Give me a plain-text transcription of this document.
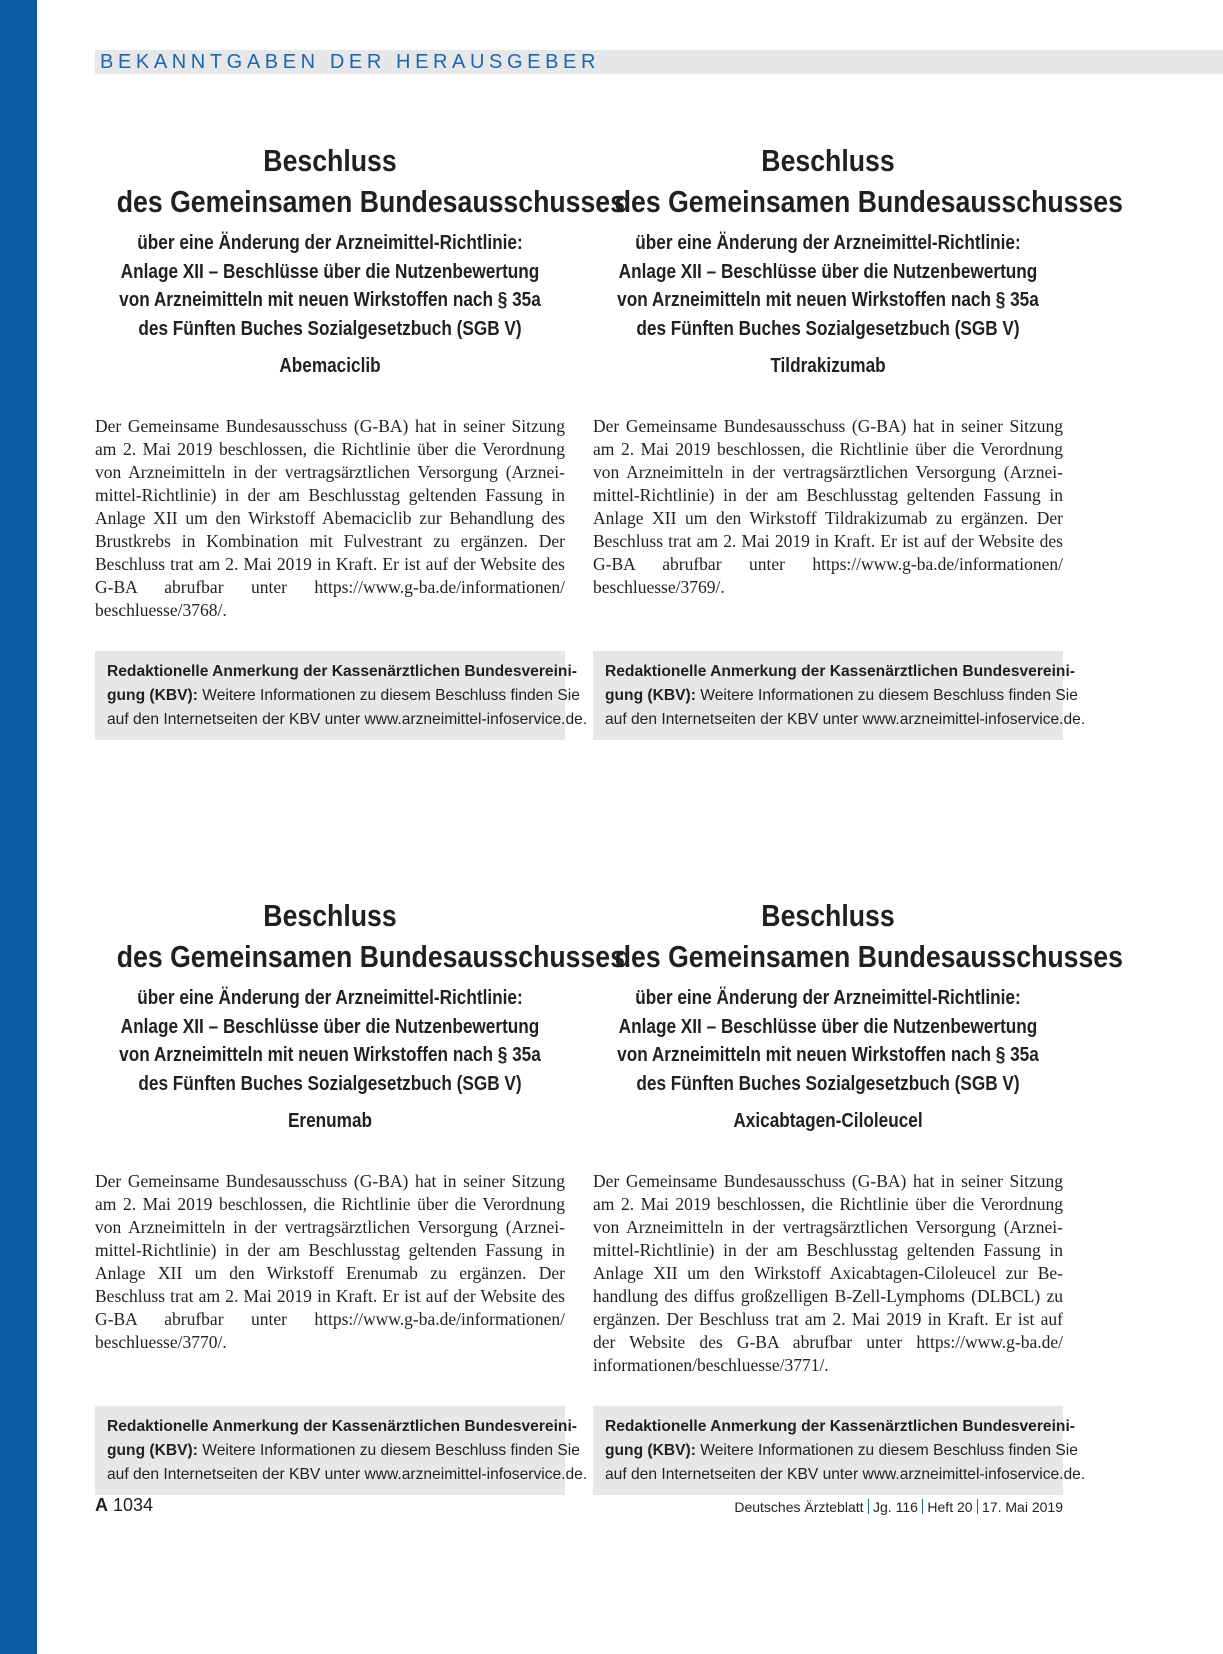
BEKANNTGABEN DER HERAUSGEBER
Beschluss
des Gemeinsamen Bundesausschusses
über eine Änderung der Arzneimittel-Richtlinie:
Anlage XII – Beschlüsse über die Nutzenbewertung
von Arzneimitteln mit neuen Wirkstoffen nach § 35a
des Fünften Buches Sozialgesetzbuch (SGB V)
Abemaciclib
Der Gemeinsame Bundesausschuss (G-BA) hat in seiner Sitzung am 2. Mai 2019 beschlossen, die Richtlinie über die Verordnung von Arzneimitteln in der vertragsärztlichen Versorgung (Arzneimittel-Richtlinie) in der am Beschlusstag geltenden Fassung in Anlage XII um den Wirkstoff Abemaciclib zur Behandlung des Brustkrebs in Kombination mit Fulvestrant zu ergänzen. Der Beschluss trat am 2. Mai 2019 in Kraft. Er ist auf der Website des G-BA abrufbar unter https://www.g-ba.de/informationen/​beschluesse/3768/.
Redaktionelle Anmerkung der Kassenärztlichen Bundesvereini-
gung (KBV): Weitere Informationen zu diesem Beschluss finden Sie
auf den Internetseiten der KBV unter www.arzneimittel-infoservice.de.
Beschluss
des Gemeinsamen Bundesausschusses
über eine Änderung der Arzneimittel-Richtlinie:
Anlage XII – Beschlüsse über die Nutzenbewertung
von Arzneimitteln mit neuen Wirkstoffen nach § 35a
des Fünften Buches Sozialgesetzbuch (SGB V)
Tildrakizumab
Der Gemeinsame Bundesausschuss (G-BA) hat in seiner Sitzung am 2. Mai 2019 beschlossen, die Richtlinie über die Verordnung von Arzneimitteln in der vertragsärztlichen Versorgung (Arzneimittel-Richtlinie) in der am Beschlusstag geltenden Fassung in Anlage XII um den Wirkstoff Tildrakizumab zu ergänzen. Der Beschluss trat am 2. Mai 2019 in Kraft. Er ist auf der Website des G-BA abrufbar unter https://www.g-ba.de/informationen/​beschluesse/3769/.
Redaktionelle Anmerkung der Kassenärztlichen Bundesvereini-
gung (KBV): Weitere Informationen zu diesem Beschluss finden Sie
auf den Internetseiten der KBV unter www.arzneimittel-infoservice.de.
Beschluss
des Gemeinsamen Bundesausschusses
über eine Änderung der Arzneimittel-Richtlinie:
Anlage XII – Beschlüsse über die Nutzenbewertung
von Arzneimitteln mit neuen Wirkstoffen nach § 35a
des Fünften Buches Sozialgesetzbuch (SGB V)
Erenumab
Der Gemeinsame Bundesausschuss (G-BA) hat in seiner Sitzung am 2. Mai 2019 beschlossen, die Richtlinie über die Verordnung von Arzneimitteln in der vertragsärztlichen Versorgung (Arzneimittel-Richtlinie) in der am Beschlusstag geltenden Fassung in Anlage XII um den Wirkstoff Erenumab zu ergänzen. Der Beschluss trat am 2. Mai 2019 in Kraft. Er ist auf der Website des G-BA abrufbar unter https://www.g-ba.de/informationen/​beschluesse/3770/.
Redaktionelle Anmerkung der Kassenärztlichen Bundesvereini-
gung (KBV): Weitere Informationen zu diesem Beschluss finden Sie
auf den Internetseiten der KBV unter www.arzneimittel-infoservice.de.
Beschluss
des Gemeinsamen Bundesausschusses
über eine Änderung der Arzneimittel-Richtlinie:
Anlage XII – Beschlüsse über die Nutzenbewertung
von Arzneimitteln mit neuen Wirkstoffen nach § 35a
des Fünften Buches Sozialgesetzbuch (SGB V)
Axicabtagen-Ciloleucel
Der Gemeinsame Bundesausschuss (G-BA) hat in seiner Sitzung am 2. Mai 2019 beschlossen, die Richtlinie über die Verordnung von Arzneimitteln in der vertragsärztlichen Versorgung (Arzneimittel-Richtlinie) in der am Beschlusstag geltenden Fassung in Anlage XII um den Wirkstoff Axicabtagen-Ciloleucel zur Behandlung des diffus großzelligen B-Zell-Lymphoms (DLBCL) zu ergänzen. Der Beschluss trat am 2. Mai 2019 in Kraft. Er ist auf der Website des G-BA abrufbar unter https://www.g-ba.de/​informationen/beschluesse/3771/.
Redaktionelle Anmerkung der Kassenärztlichen Bundesvereini-
gung (KBV): Weitere Informationen zu diesem Beschluss finden Sie
auf den Internetseiten der KBV unter www.arzneimittel-infoservice.de.
A 1034	Deutsches Ärzteblatt Jg. 116 Heft 20 17. Mai 2019
